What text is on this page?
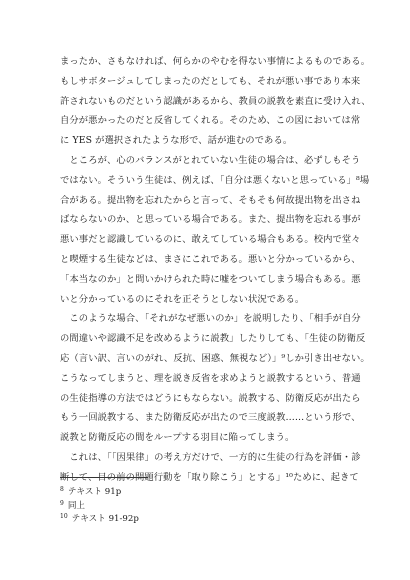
まったか、さもなければ、何らかのやむを得ない事情によるものである。
もしサボタージュしてしまったのだとしても、それが悪い事であり本来
許されないものだという認識があるから、教員の説教を素直に受け入れ、
自分が悪かったのだと反省してくれる。そのため、この図においては常
に YES が選択されたような形で、話が進むのである。
　ところが、心のバランスがとれていない生徒の場合は、必ずしもそう
ではない。そういう生徒は、例えば、「自分は悪くないと思っている」⁸場
合がある。提出物を忘れたからと言って、そもそも何故提出物を出さね
ばならないのか、と思っている場合である。また、提出物を忘れる事が
悪い事だと認識しているのに、敢えてしている場合もある。校内で堂々
と喫煙する生徒などは、まさにこれである。悪いと分かっているから、
「本当なのか」と問いかけられた時に嘘をついてしまう場合もある。悪
いと分かっているのにそれを正そうとしない状況である。
　このような場合、「それがなぜ悪いのか」を説明したり、「相手が自分
の間違いや認識不足を改めるように説教」したりしても、「生徒の防衛反
応（言い訳、言いのがれ、反抗、困惑、無視など）」⁹しか引き出せない。
こうなってしまうと、理を説き反省を求めようと説教するという、普通
の生徒指導の方法ではどうにもならない。説教する、防衛反応が出たら
もう一回説教する、また防衛反応が出たので三度説教……という形で、
説教と防衛反応の間をループする羽目に陥ってしまう。
　これは、「「因果律」の考え方だけで、一方的に生徒の行為を評価・診
断して、目の前の問題行動を「取り除こう」とする」¹⁰ために、起きて
$^8$ テキスト 91p
$^9$ 同上
$^{10}$ テキスト 91-92p
